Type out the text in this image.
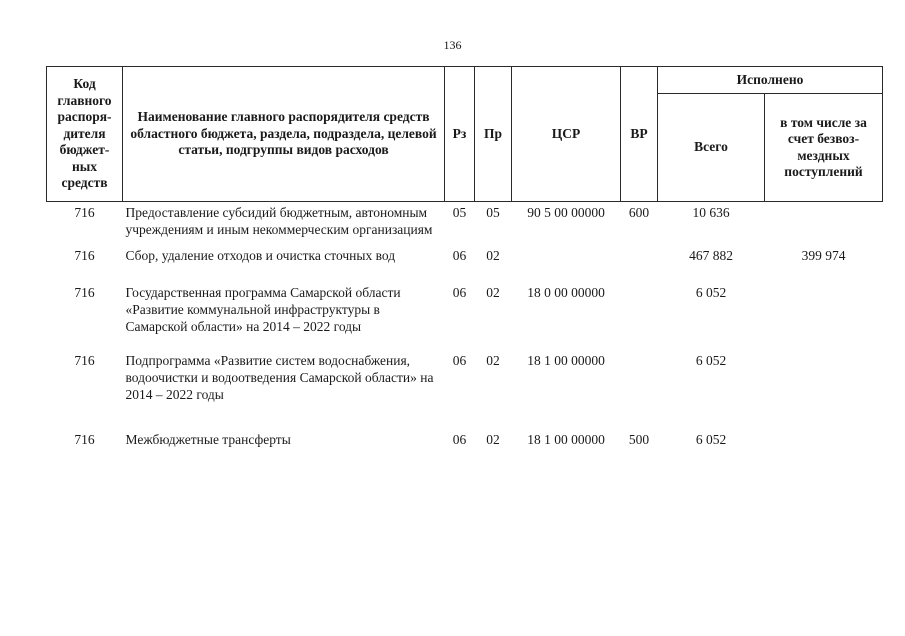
136
Код главного распоря-дителя бюджет-ных средств	Наименование главного распорядителя средств областного бюджета, раздела, подраздела, целевой статьи, подгруппы видов расходов	Рз	Пр	ЦСР	ВР	Исполнено	
						Всего	в том числе за счет безвоз-мездных поступлений
716	Предоставление субсидий бюджетным, автономным учреждениям и иным некоммерческим организациям	05	05	90 5 00 00000	600	10 636	
716	Сбор, удаление отходов и очистка сточных вод	06	02			467 882	399 974
716	Государственная программа Самарской области «Развитие коммунальной инфраструктуры в Самарской области» на 2014 – 2022 годы	06	02	18 0 00 00000		6 052	
716	Подпрограмма «Развитие систем водоснабжения, водоочистки и водоотведения Самарской области» на 2014 – 2022 годы	06	02	18 1 00 00000		6 052	
716	Межбюджетные трансферты	06	02	18 1 00 00000	500	6 052	
